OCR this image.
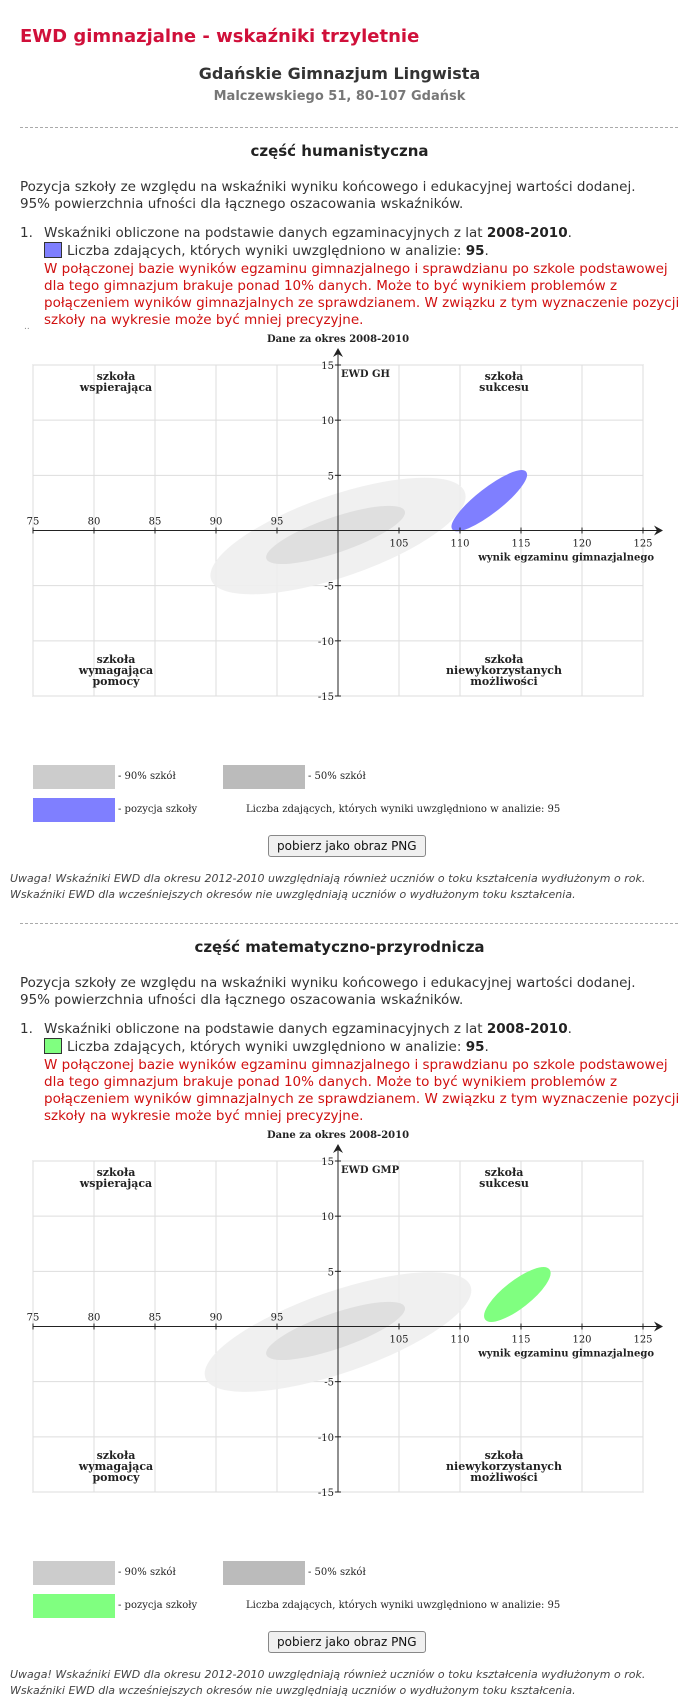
EWD gimnazjalne - wskaźniki trzyletnie
Gdańskie Gimnazjum Lingwista
Malczewskiego 51, 80-107 Gdańsk
część humanistyczna
Pozycja szkoły ze względu na wskaźniki wyniku końcowego i edukacyjnej wartości dodanej.
95% powierzchnia ufności dla łącznego oszacowania wskaźników.
1. Wskaźniki obliczone na podstawie danych egzaminacyjnych z lat 2008-2010.
Liczba zdających, których wyniki uwzględniono w analizie: 95.
W połączonej bazie wyników egzaminu gimnazjalnego i sprawdzianu po szkole podstawowej dla tego gimnazjum brakuje ponad 10% danych. Może to być wynikiem problemów z połączeniem wyników gimnazjalnych ze sprawdzianem. W związku z tym wyznaczenie pozycji szkoły na wykresie może być mniej precyzyjne.
..
75	80	85	90	95
105	110	115	120	125
15
10
5
-5
-10
-15
Dane za okres 2008-2010
EWD GH
wynik egzaminu gimnazjalnego
szkoła
wspierająca
szkoła
sukcesu
szkoła
wymagająca
pomocy
szkoła
niewykorzystanych
możliwości
- 90% szkół	- 50% szkół
- pozycja szkoły	Liczba zdających, których wyniki uwzględniono w analizie: 95
pobierz jako obraz PNG
Uwaga! Wskaźniki EWD dla okresu 2012-2010 uwzględniają również uczniów o toku kształcenia wydłużonym o rok.
Wskaźniki EWD dla wcześniejszych okresów nie uwzględniają uczniów o wydłużonym toku kształcenia.
część matematyczno-przyrodnicza
Pozycja szkoły ze względu na wskaźniki wyniku końcowego i edukacyjnej wartości dodanej.
95% powierzchnia ufności dla łącznego oszacowania wskaźników.
1. Wskaźniki obliczone na podstawie danych egzaminacyjnych z lat 2008-2010.
Liczba zdających, których wyniki uwzględniono w analizie: 95.
W połączonej bazie wyników egzaminu gimnazjalnego i sprawdzianu po szkole podstawowej dla tego gimnazjum brakuje ponad 10% danych. Może to być wynikiem problemów z połączeniem wyników gimnazjalnych ze sprawdzianem. W związku z tym wyznaczenie pozycji szkoły na wykresie może być mniej precyzyjne.
75	80	85	90	95
105	110	115	120	125
15
10
5
-5
-10
-15
Dane za okres 2008-2010
EWD GMP
wynik egzaminu gimnazjalnego
szkoła
wspierająca
szkoła
sukcesu
szkoła
wymagająca
pomocy
szkoła
niewykorzystanych
możliwości
- 90% szkół	- 50% szkół
- pozycja szkoły	Liczba zdających, których wyniki uwzględniono w analizie: 95
pobierz jako obraz PNG
Uwaga! Wskaźniki EWD dla okresu 2012-2010 uwzględniają również uczniów o toku kształcenia wydłużonym o rok.
Wskaźniki EWD dla wcześniejszych okresów nie uwzględniają uczniów o wydłużonym toku kształcenia.
